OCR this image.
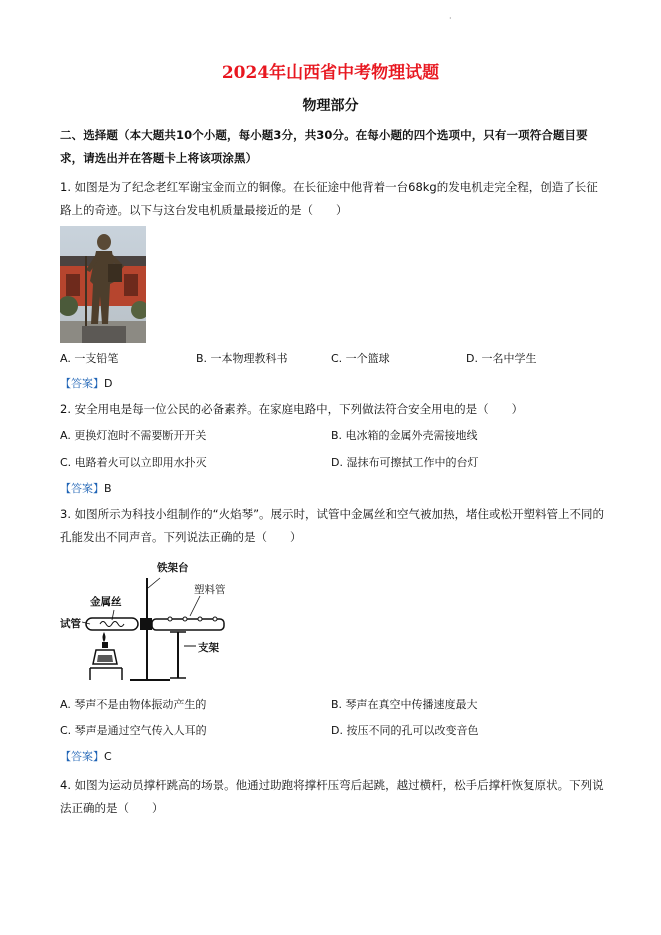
·
2024年山西省中考物理试题
物理部分
二、选择题（本大题共10个小题，每小题3分，共30分。在每小题的四个选项中，只有一项符合题目要求，请选出并在答题卡上将该项涂黑）
1. 如图是为了纪念老红军谢宝金而立的铜像。在长征途中他背着一台68kg的发电机走完全程，创造了长征路上的奇迹。以下与这台发电机质量最接近的是（　　）
A. 一支铅笔	B. 一本物理教科书	C. 一个篮球	D. 一名中学生
【答案】D
2. 安全用电是每一位公民的必备素养。在家庭电路中，下列做法符合安全用电的是（　　）
A. 更换灯泡时不需要断开开关	B. 电冰箱的金属外壳需接地线
C. 电路着火可以立即用水扑灭	D. 湿抹布可擦拭工作中的台灯
【答案】B
3. 如图所示为科技小组制作的“火焰琴”。展示时，试管中金属丝和空气被加热，堵住或松开塑料管上不同的孔能发出不同声音。下列说法正确的是（　　）
铁架台
金属丝
塑料管
试管
支架
A. 琴声不是由物体振动产生的	B. 琴声在真空中传播速度最大
C. 琴声是通过空气传入人耳的	D. 按压不同的孔可以改变音色
【答案】C
4. 如图为运动员撑杆跳高的场景。他通过助跑将撑杆压弯后起跳，越过横杆，松手后撑杆恢复原状。下列说法正确的是（　　）
